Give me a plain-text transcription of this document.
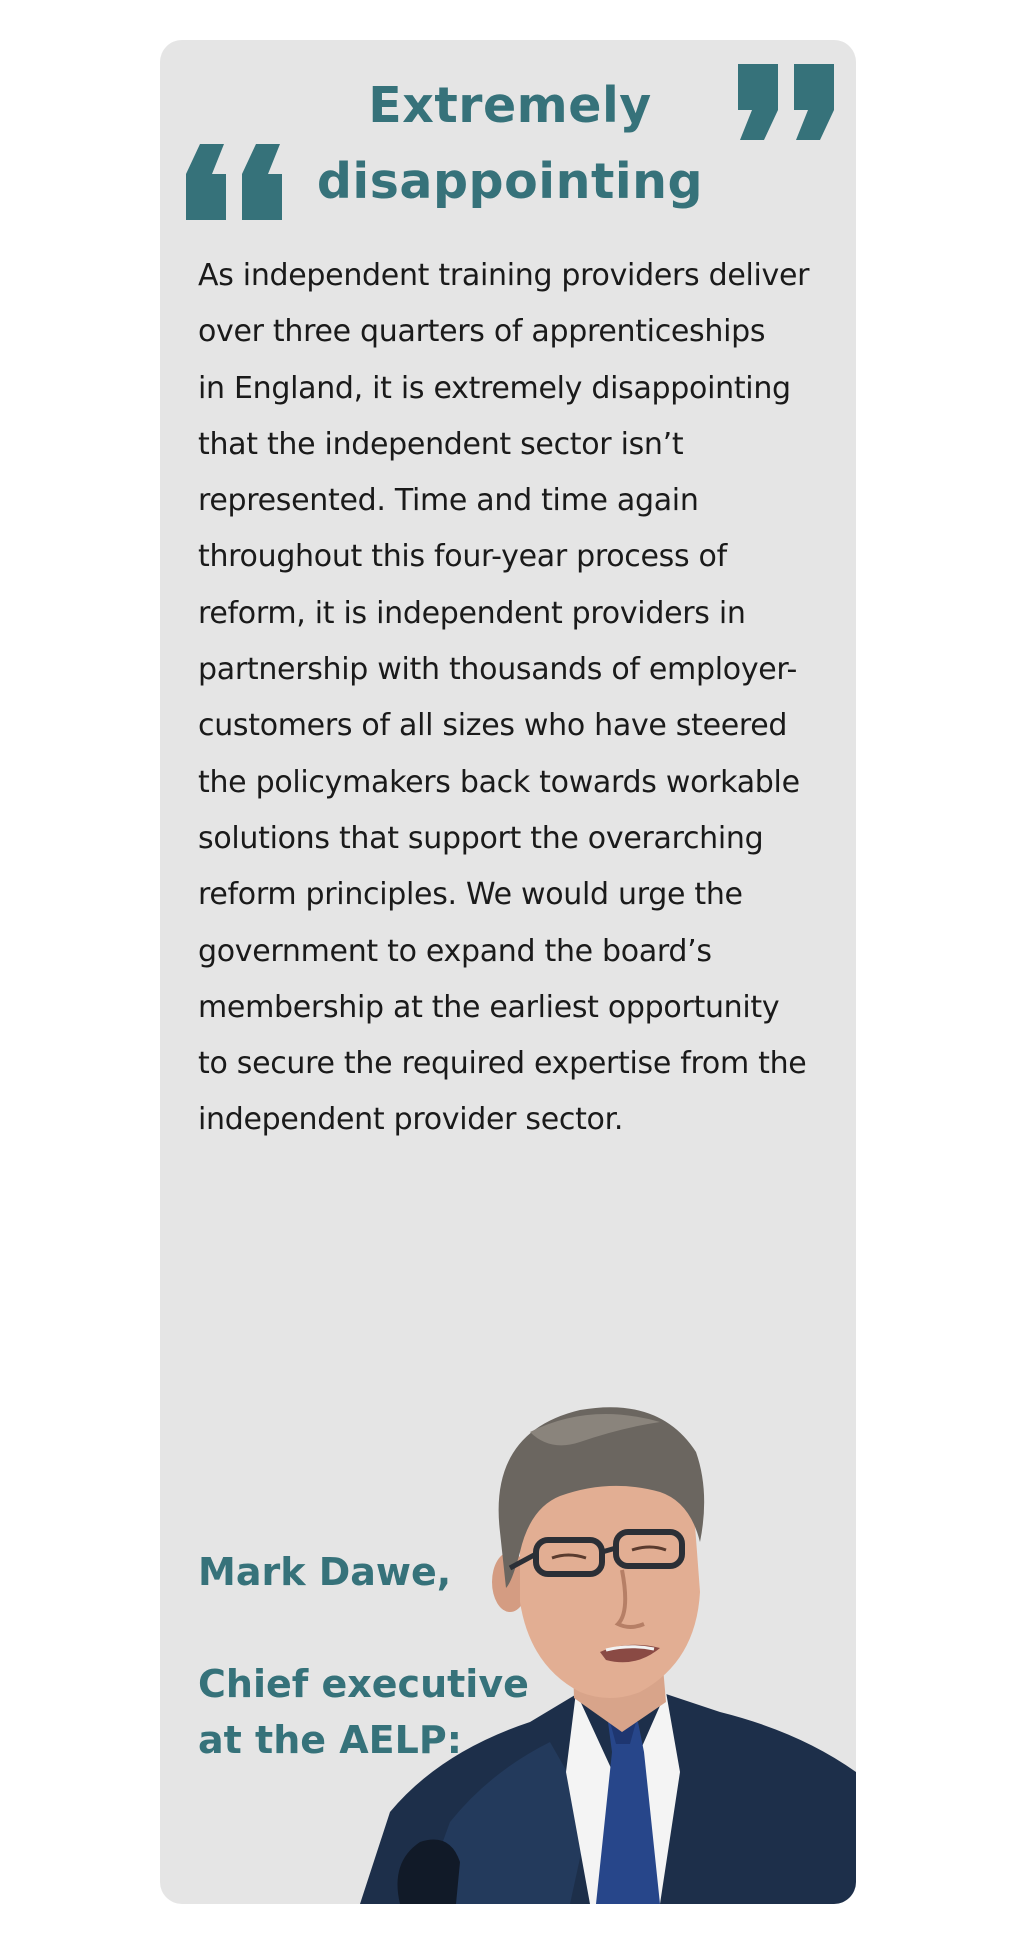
Extremely
disappointing

As independent training providers deliver
over three quarters of apprenticeships
in England, it is extremely disappointing
that the independent sector isn’t
represented. Time and time again
throughout this four-year process of
reform, it is independent providers in
partnership with thousands of employer-
customers of all sizes who have steered
the policymakers back towards workable
solutions that support the overarching
reform principles. We would urge the
government to expand the board’s
membership at the earliest opportunity
to secure the required expertise from the
independent provider sector.

Mark Dawe,
Chief executive
at the AELP:
